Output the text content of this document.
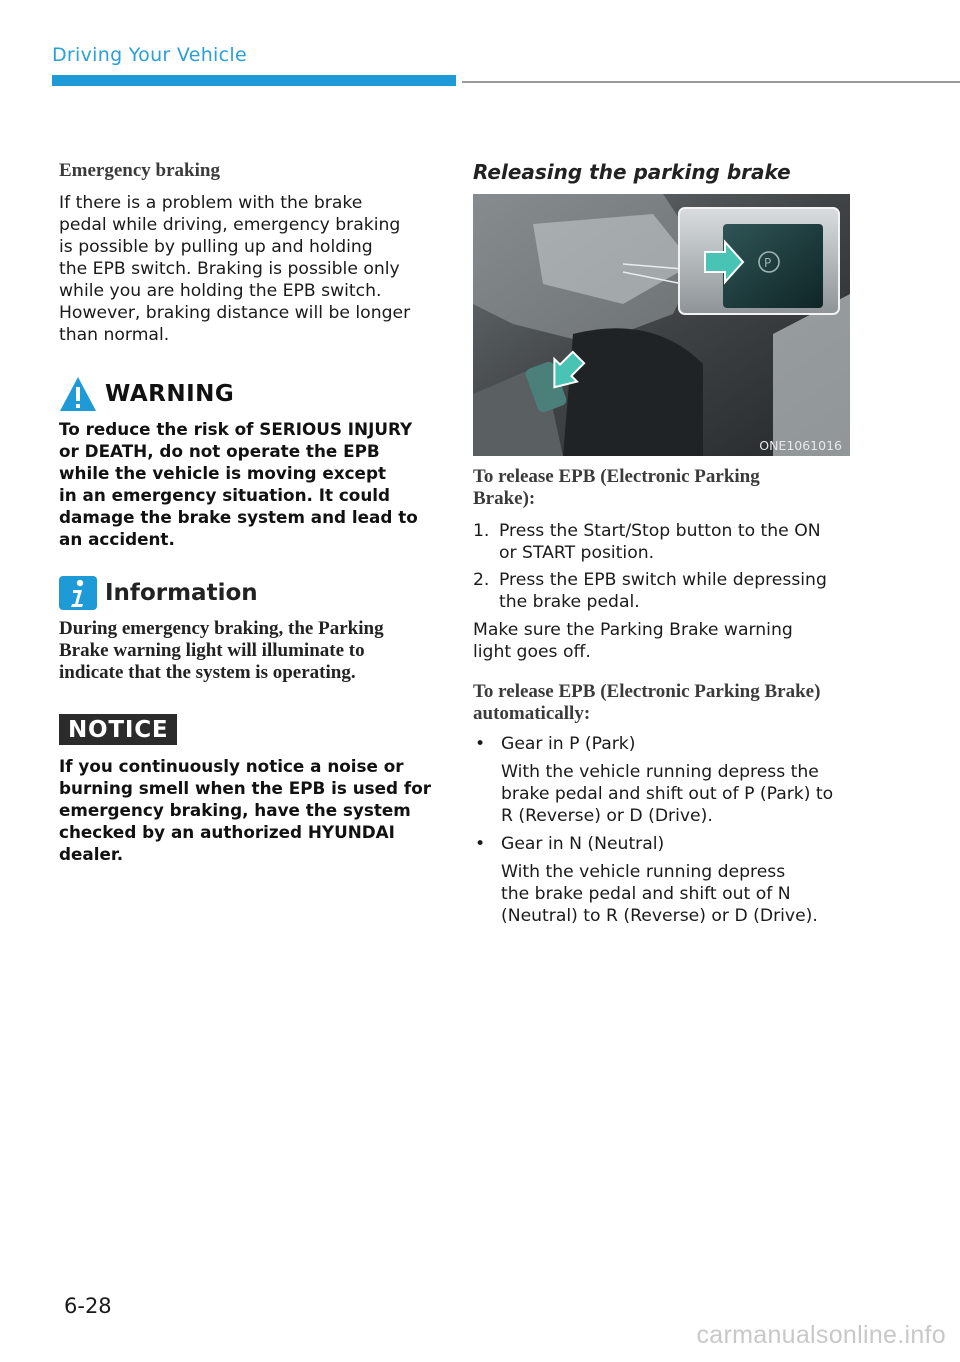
Driving Your Vehicle

Emergency braking

If there is a problem with the brake

pedal while driving, emergency braking

is possible by pulling up and holding

the EPB switch. Braking is possible only

while you are holding the EPB switch.

However, braking distance will be longer

than normal.

WARNING

To reduce the risk of SERIOUS INJURY

or DEATH, do not operate the EPB

while the vehicle is moving except

in an emergency situation. It could

damage the brake system and lead to

an accident.

Information

During emergency braking, the Parking

Brake warning light will illuminate to

indicate that the system is operating.

NOTICE

If you continuously notice a noise or

burning smell when the EPB is used for

emergency braking, have the system

checked by an authorized HYUNDAI

dealer.

Releasing the parking brake

P
ONE1061016

To release EPB (Electronic Parking

Brake):

1. Press the Start/Stop button to the ON

or START position.

2. Press the EPB switch while depressing

the brake pedal.

Make sure the Parking Brake warning

light goes off.

To release EPB (Electronic Parking Brake)

automatically:

• Gear in P (Park)

With the vehicle running depress the

brake pedal and shift out of P (Park) to

R (Reverse) or D (Drive).

• Gear in N (Neutral)

With the vehicle running depress

the brake pedal and shift out of N

(Neutral) to R (Reverse) or D (Drive).

6-28
carmanualsonline.info
